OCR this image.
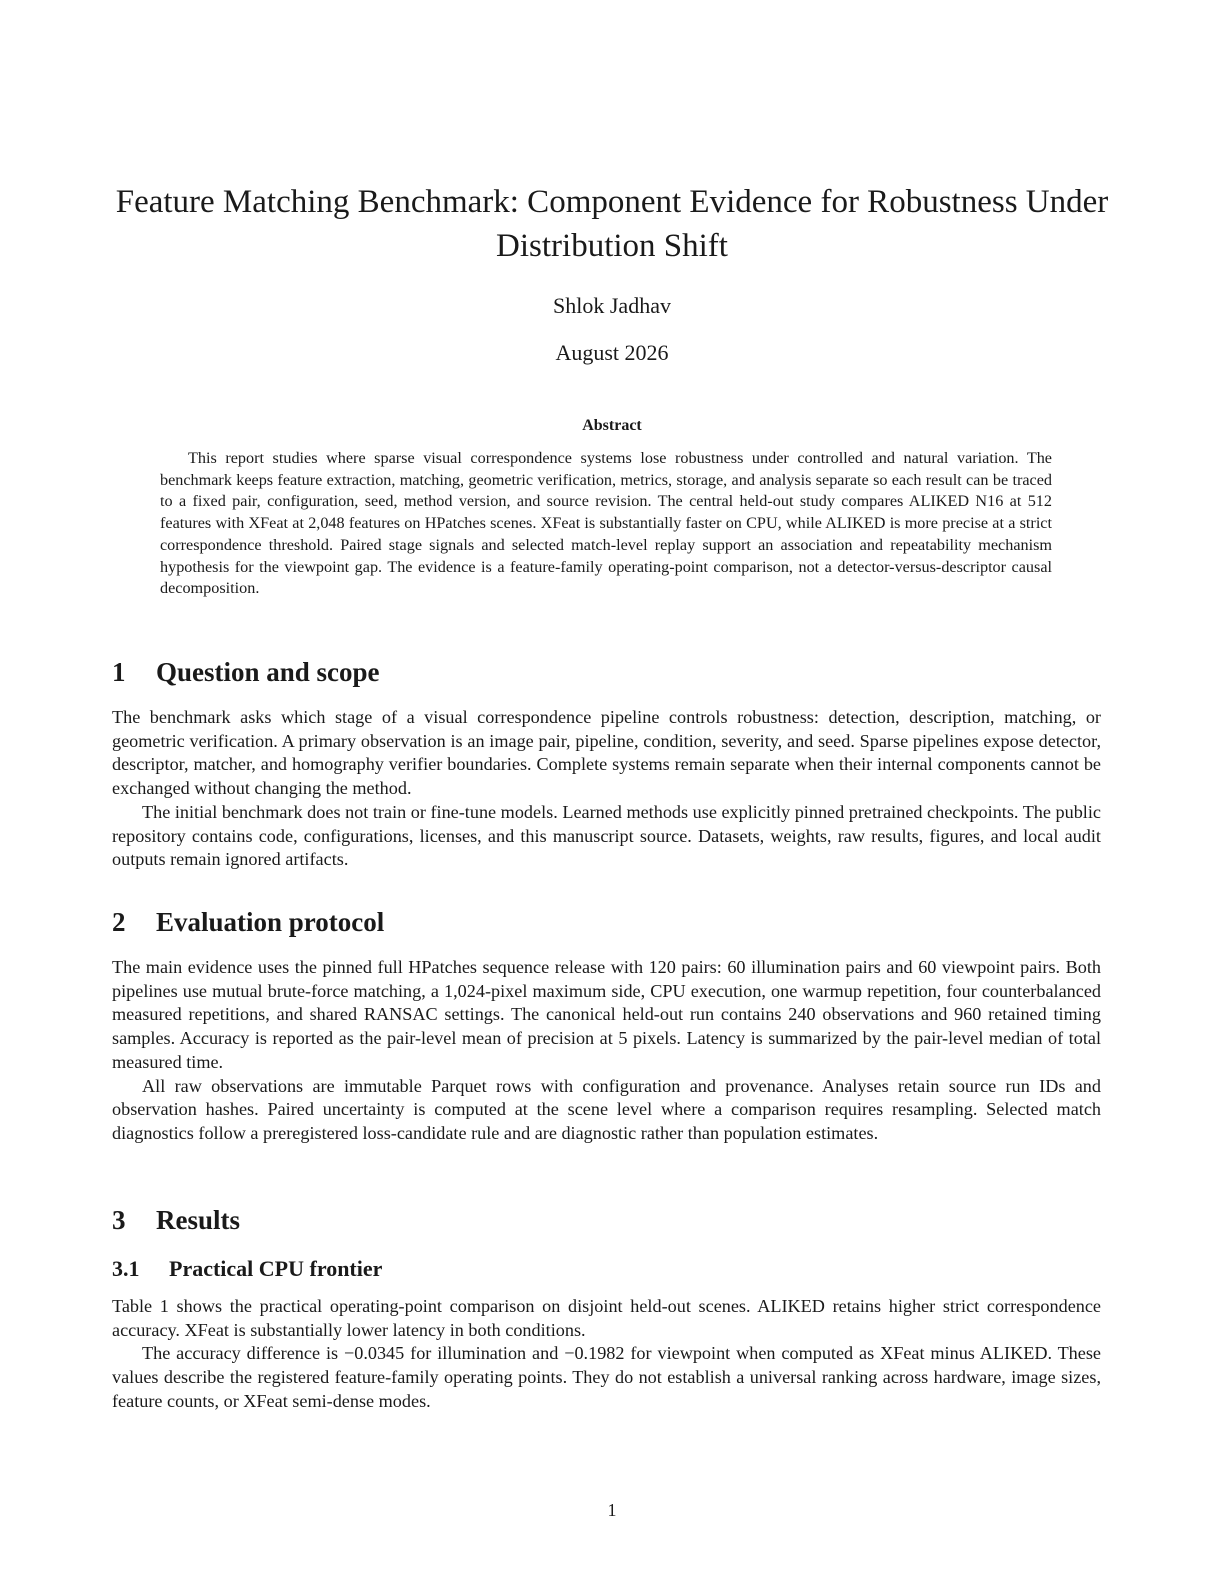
Feature Matching Benchmark: Component Evidence for Robustness Under Distribution Shift
Shlok Jadhav
August 2026
Abstract

This report studies where sparse visual correspondence systems lose robustness under controlled and natural variation. The benchmark keeps feature extraction, matching, geometric verification, metrics, storage, and analysis separate so each result can be traced to a fixed pair, configuration, seed, method version, and source revision. The central held-out study compares ALIKED N16 at 512 features with XFeat at 2,048 features on HPatches scenes. XFeat is substantially faster on CPU, while ALIKED is more precise at a strict correspondence threshold. Paired stage signals and selected match-level replay support an association and repeatability mechanism hypothesis for the viewpoint gap. The evidence is a feature-family operating-point comparison, not a detector-versus-descriptor causal decomposition.

1 Question and scope

The benchmark asks which stage of a visual correspondence pipeline controls robustness: detection, description, matching, or geometric verification. A primary observation is an image pair, pipeline, condition, severity, and seed. Sparse pipelines expose detector, descriptor, matcher, and homography verifier boundaries. Complete systems remain separate when their internal components cannot be exchanged without changing the method.

The initial benchmark does not train or fine-tune models. Learned methods use explicitly pinned pretrained checkpoints. The public repository contains code, configurations, licenses, and this manuscript source. Datasets, weights, raw results, figures, and local audit outputs remain ignored artifacts.

2 Evaluation protocol

The main evidence uses the pinned full HPatches sequence release with 120 pairs: 60 illumination pairs and 60 viewpoint pairs. Both pipelines use mutual brute-force matching, a 1,024-pixel maximum side, CPU execution, one warmup repetition, four counterbalanced measured repetitions, and shared RANSAC settings. The canonical held-out run contains 240 observations and 960 retained timing samples. Accuracy is reported as the pair-level mean of precision at 5 pixels. Latency is summarized by the pair-level median of total measured time.

All raw observations are immutable Parquet rows with configuration and provenance. Analyses retain source run IDs and observation hashes. Paired uncertainty is computed at the scene level where a comparison requires resampling. Selected match diagnostics follow a preregistered loss-candidate rule and are diagnostic rather than population estimates.

3 Results
3.1 Practical CPU frontier

Table 1 shows the practical operating-point comparison on disjoint held-out scenes. ALIKED retains higher strict correspondence accuracy. XFeat is substantially lower latency in both conditions.

The accuracy difference is −0.0345 for illumination and −0.1982 for viewpoint when computed as XFeat minus ALIKED. These values describe the registered feature-family operating points. They do not establish a universal ranking across hardware, image sizes, feature counts, or XFeat semi-dense modes.

1
